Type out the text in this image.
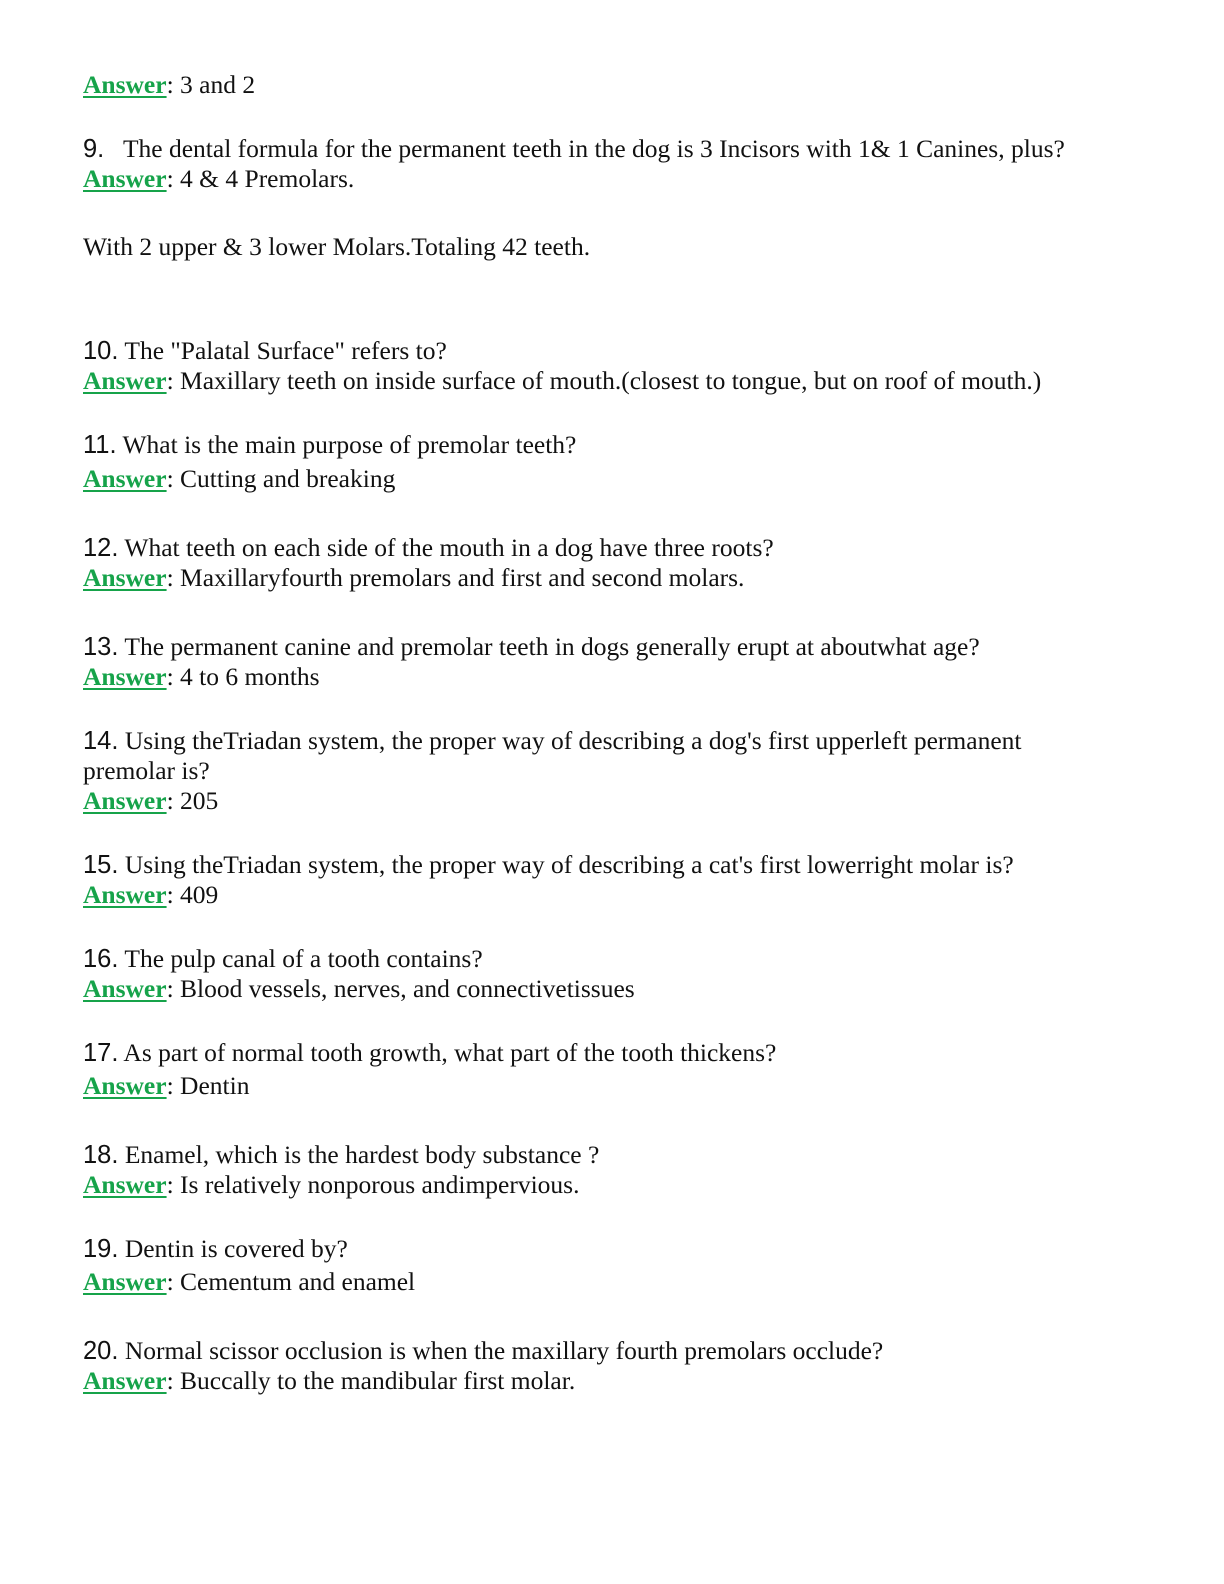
Answer: 3 and 2
9. The dental formula for the permanent teeth in the dog is 3 Incisors with 1& 1 Canines, plus?
Answer: 4 & 4 Premolars.
With 2 upper & 3 lower Molars.Totaling 42 teeth.
10. The "Palatal Surface" refers to?
Answer: Maxillary teeth on inside surface of mouth.(closest to tongue, but on roof of mouth.)
11. What is the main purpose of premolar teeth?
Answer: Cutting and breaking
12. What teeth on each side of the mouth in a dog have three roots?
Answer: Maxillaryfourth premolars and first and second molars.
13. The permanent canine and premolar teeth in dogs generally erupt at aboutwhat age?
Answer: 4 to 6 months
14. Using theTriadan system, the proper way of describing a dog's first upperleft permanent premolar is?
Answer: 205
15. Using theTriadan system, the proper way of describing a cat's first lowerright molar is?
Answer: 409
16. The pulp canal of a tooth contains?
Answer: Blood vessels, nerves, and connectivetissues
17. As part of normal tooth growth, what part of the tooth thickens?
Answer: Dentin
18. Enamel, which is the hardest body substance ?
Answer: Is relatively nonporous andimpervious.
19. Dentin is covered by?
Answer: Cementum and enamel
20. Normal scissor occlusion is when the maxillary fourth premolars occlude?
Answer: Buccally to the mandibular first molar.
